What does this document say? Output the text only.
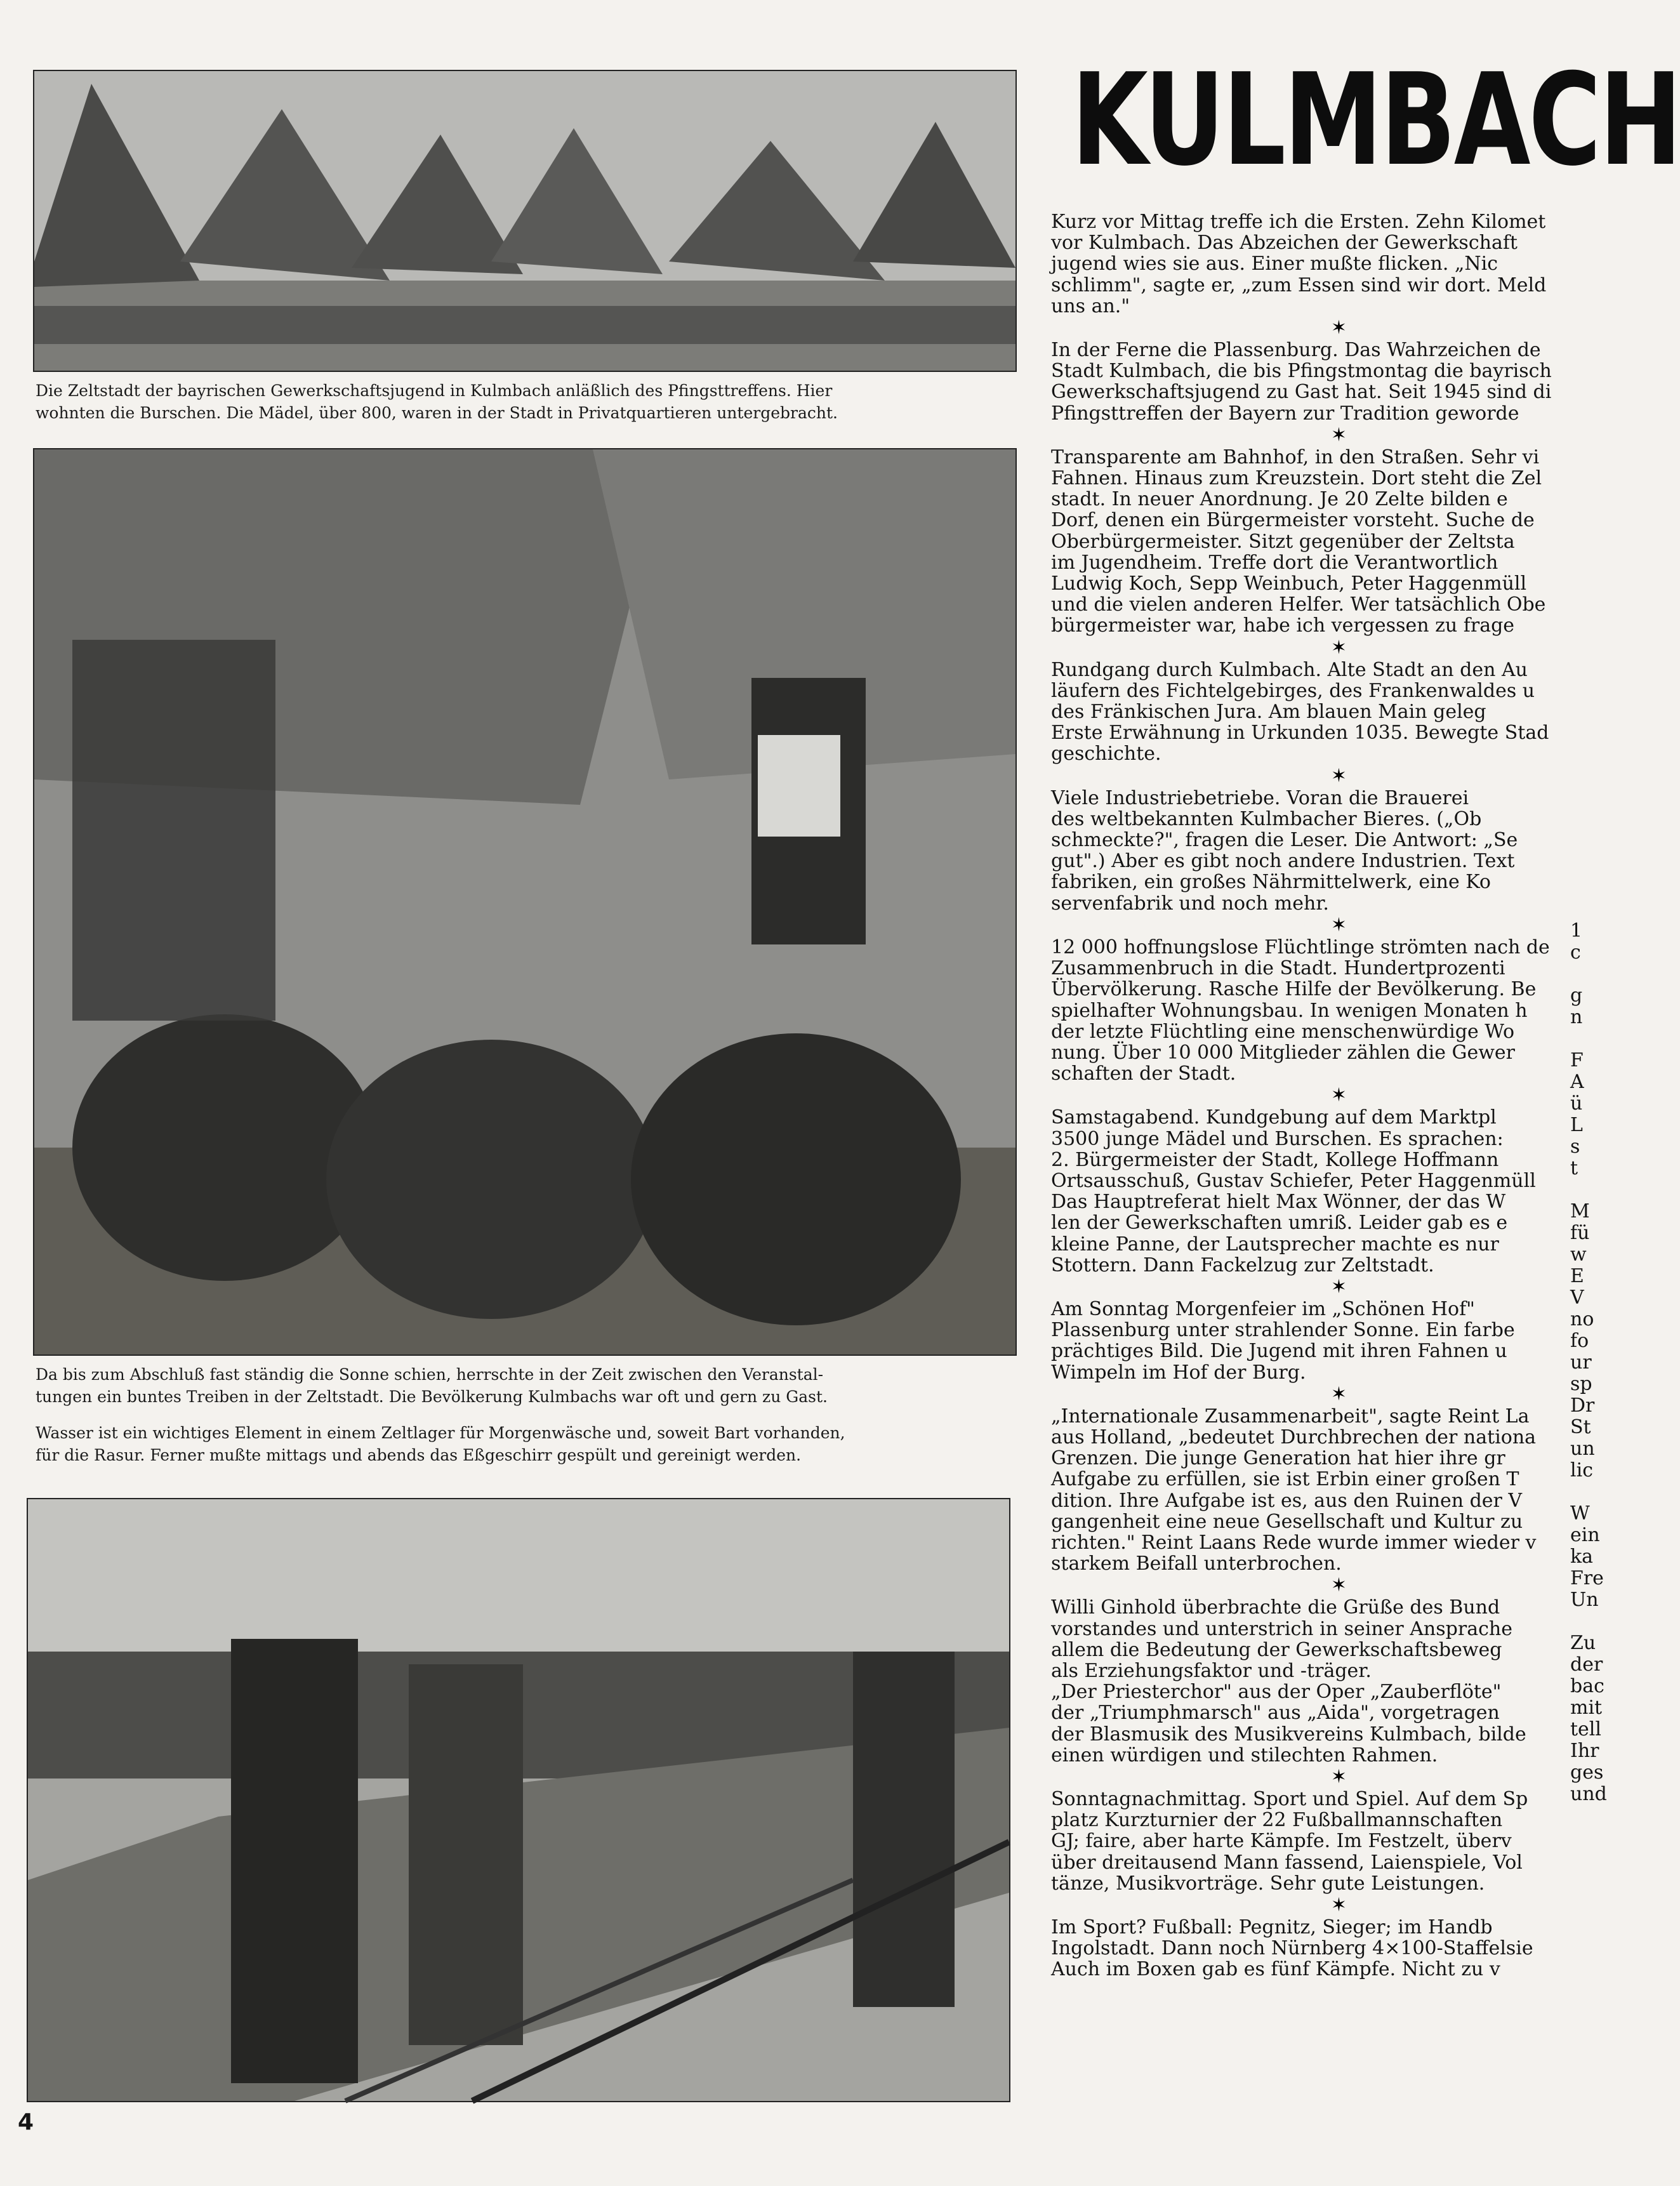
Die Zeltstadt der bayrischen Gewerkschaftsjugend in Kulmbach anläßlich des Pfingsttreffens. Hier
wohnten die Burschen. Die Mädel, über 800, waren in der Stadt in Privatquartieren untergebracht.
Da bis zum Abschluß fast ständig die Sonne schien, herrschte in der Zeit zwischen den Veranstal-
tungen ein buntes Treiben in der Zeltstadt. Die Bevölkerung Kulmbachs war oft und gern zu Gast.
Wasser ist ein wichtiges Element in einem Zeltlager für Morgenwäsche und, soweit Bart vorhanden,
für die Rasur. Ferner mußte mittags und abends das Eßgeschirr gespült und gereinigt werden.
KULMBACH
Kurz vor Mittag treffe ich die Ersten. Zehn Kilomet
vor Kulmbach. Das Abzeichen der Gewerkschaft
jugend wies sie aus. Einer mußte flicken. „Nic
schlimm", sagte er, „zum Essen sind wir dort. Meld
uns an."
✶
In der Ferne die Plassenburg. Das Wahrzeichen de
Stadt Kulmbach, die bis Pfingstmontag die bayrisch
Gewerkschaftsjugend zu Gast hat. Seit 1945 sind di
Pfingsttreffen der Bayern zur Tradition geworde
✶
Transparente am Bahnhof, in den Straßen. Sehr vi
Fahnen. Hinaus zum Kreuzstein. Dort steht die Zel
stadt. In neuer Anordnung. Je 20 Zelte bilden e
Dorf, denen ein Bürgermeister vorsteht. Suche de
Oberbürgermeister. Sitzt gegenüber der Zeltsta
im Jugendheim. Treffe dort die Verantwortlich
Ludwig Koch, Sepp Weinbuch, Peter Haggenmüll
und die vielen anderen Helfer. Wer tatsächlich Obe
bürgermeister war, habe ich vergessen zu frage
✶
Rundgang durch Kulmbach. Alte Stadt an den Au
läufern des Fichtelgebirges, des Frankenwaldes u
des Fränkischen Jura. Am blauen Main geleg
Erste Erwähnung in Urkunden 1035. Bewegte Stad
geschichte.
✶
Viele Industriebetriebe. Voran die Brauerei
des weltbekannten Kulmbacher Bieres. („Ob
schmeckte?", fragen die Leser. Die Antwort: „Se
gut".) Aber es gibt noch andere Industrien. Text
fabriken, ein großes Nährmittelwerk, eine Ko
servenfabrik und noch mehr.
✶
12 000 hoffnungslose Flüchtlinge strömten nach de
Zusammenbruch in die Stadt. Hundertprozenti
Übervölkerung. Rasche Hilfe der Bevölkerung. Be
spielhafter Wohnungsbau. In wenigen Monaten h
der letzte Flüchtling eine menschenwürdige Wo
nung. Über 10 000 Mitglieder zählen die Gewer
schaften der Stadt.
✶
Samstagabend. Kundgebung auf dem Marktpl
3500 junge Mädel und Burschen. Es sprachen:
2. Bürgermeister der Stadt, Kollege Hoffmann
Ortsausschuß, Gustav Schiefer, Peter Haggenmüll
Das Hauptreferat hielt Max Wönner, der das W
len der Gewerkschaften umriß. Leider gab es e
kleine Panne, der Lautsprecher machte es nur
Stottern. Dann Fackelzug zur Zeltstadt.
✶
Am Sonntag Morgenfeier im „Schönen Hof"
Plassenburg unter strahlender Sonne. Ein farbe
prächtiges Bild. Die Jugend mit ihren Fahnen u
Wimpeln im Hof der Burg.
✶
„Internationale Zusammenarbeit", sagte Reint La
aus Holland, „bedeutet Durchbrechen der nationa
Grenzen. Die junge Generation hat hier ihre gr
Aufgabe zu erfüllen, sie ist Erbin einer großen T
dition. Ihre Aufgabe ist es, aus den Ruinen der V
gangenheit eine neue Gesellschaft und Kultur zu
richten." Reint Laans Rede wurde immer wieder v
starkem Beifall unterbrochen.
✶
Willi Ginhold überbrachte die Grüße des Bund
vorstandes und unterstrich in seiner Ansprache
allem die Bedeutung der Gewerkschaftsbeweg
als Erziehungsfaktor und -träger.
„Der Priesterchor" aus der Oper „Zauberflöte"
der „Triumphmarsch" aus „Aida", vorgetragen
der Blasmusik des Musikvereins Kulmbach, bilde
einen würdigen und stilechten Rahmen.
✶
Sonntagnachmittag. Sport und Spiel. Auf dem Sp
platz Kurzturnier der 22 Fußballmannschaften
GJ; faire, aber harte Kämpfe. Im Festzelt, überv
über dreitausend Mann fassend, Laienspiele, Vol
tänze, Musikvorträge. Sehr gute Leistungen.
✶
Im Sport? Fußball: Pegnitz, Sieger; im Handb
Ingolstadt. Dann noch Nürnberg 4×100-Staffelsie
Auch im Boxen gab es fünf Kämpfe. Nicht zu v
1
c

g
n

F
A
ü
L
s
t

M
fü
w
E
V
no
fo
ur
sp
Dr
St
un
lic

W
ein
ka
Fre
Un

Zu
der
bac
mit
tell
Ihr
ges
und
4
